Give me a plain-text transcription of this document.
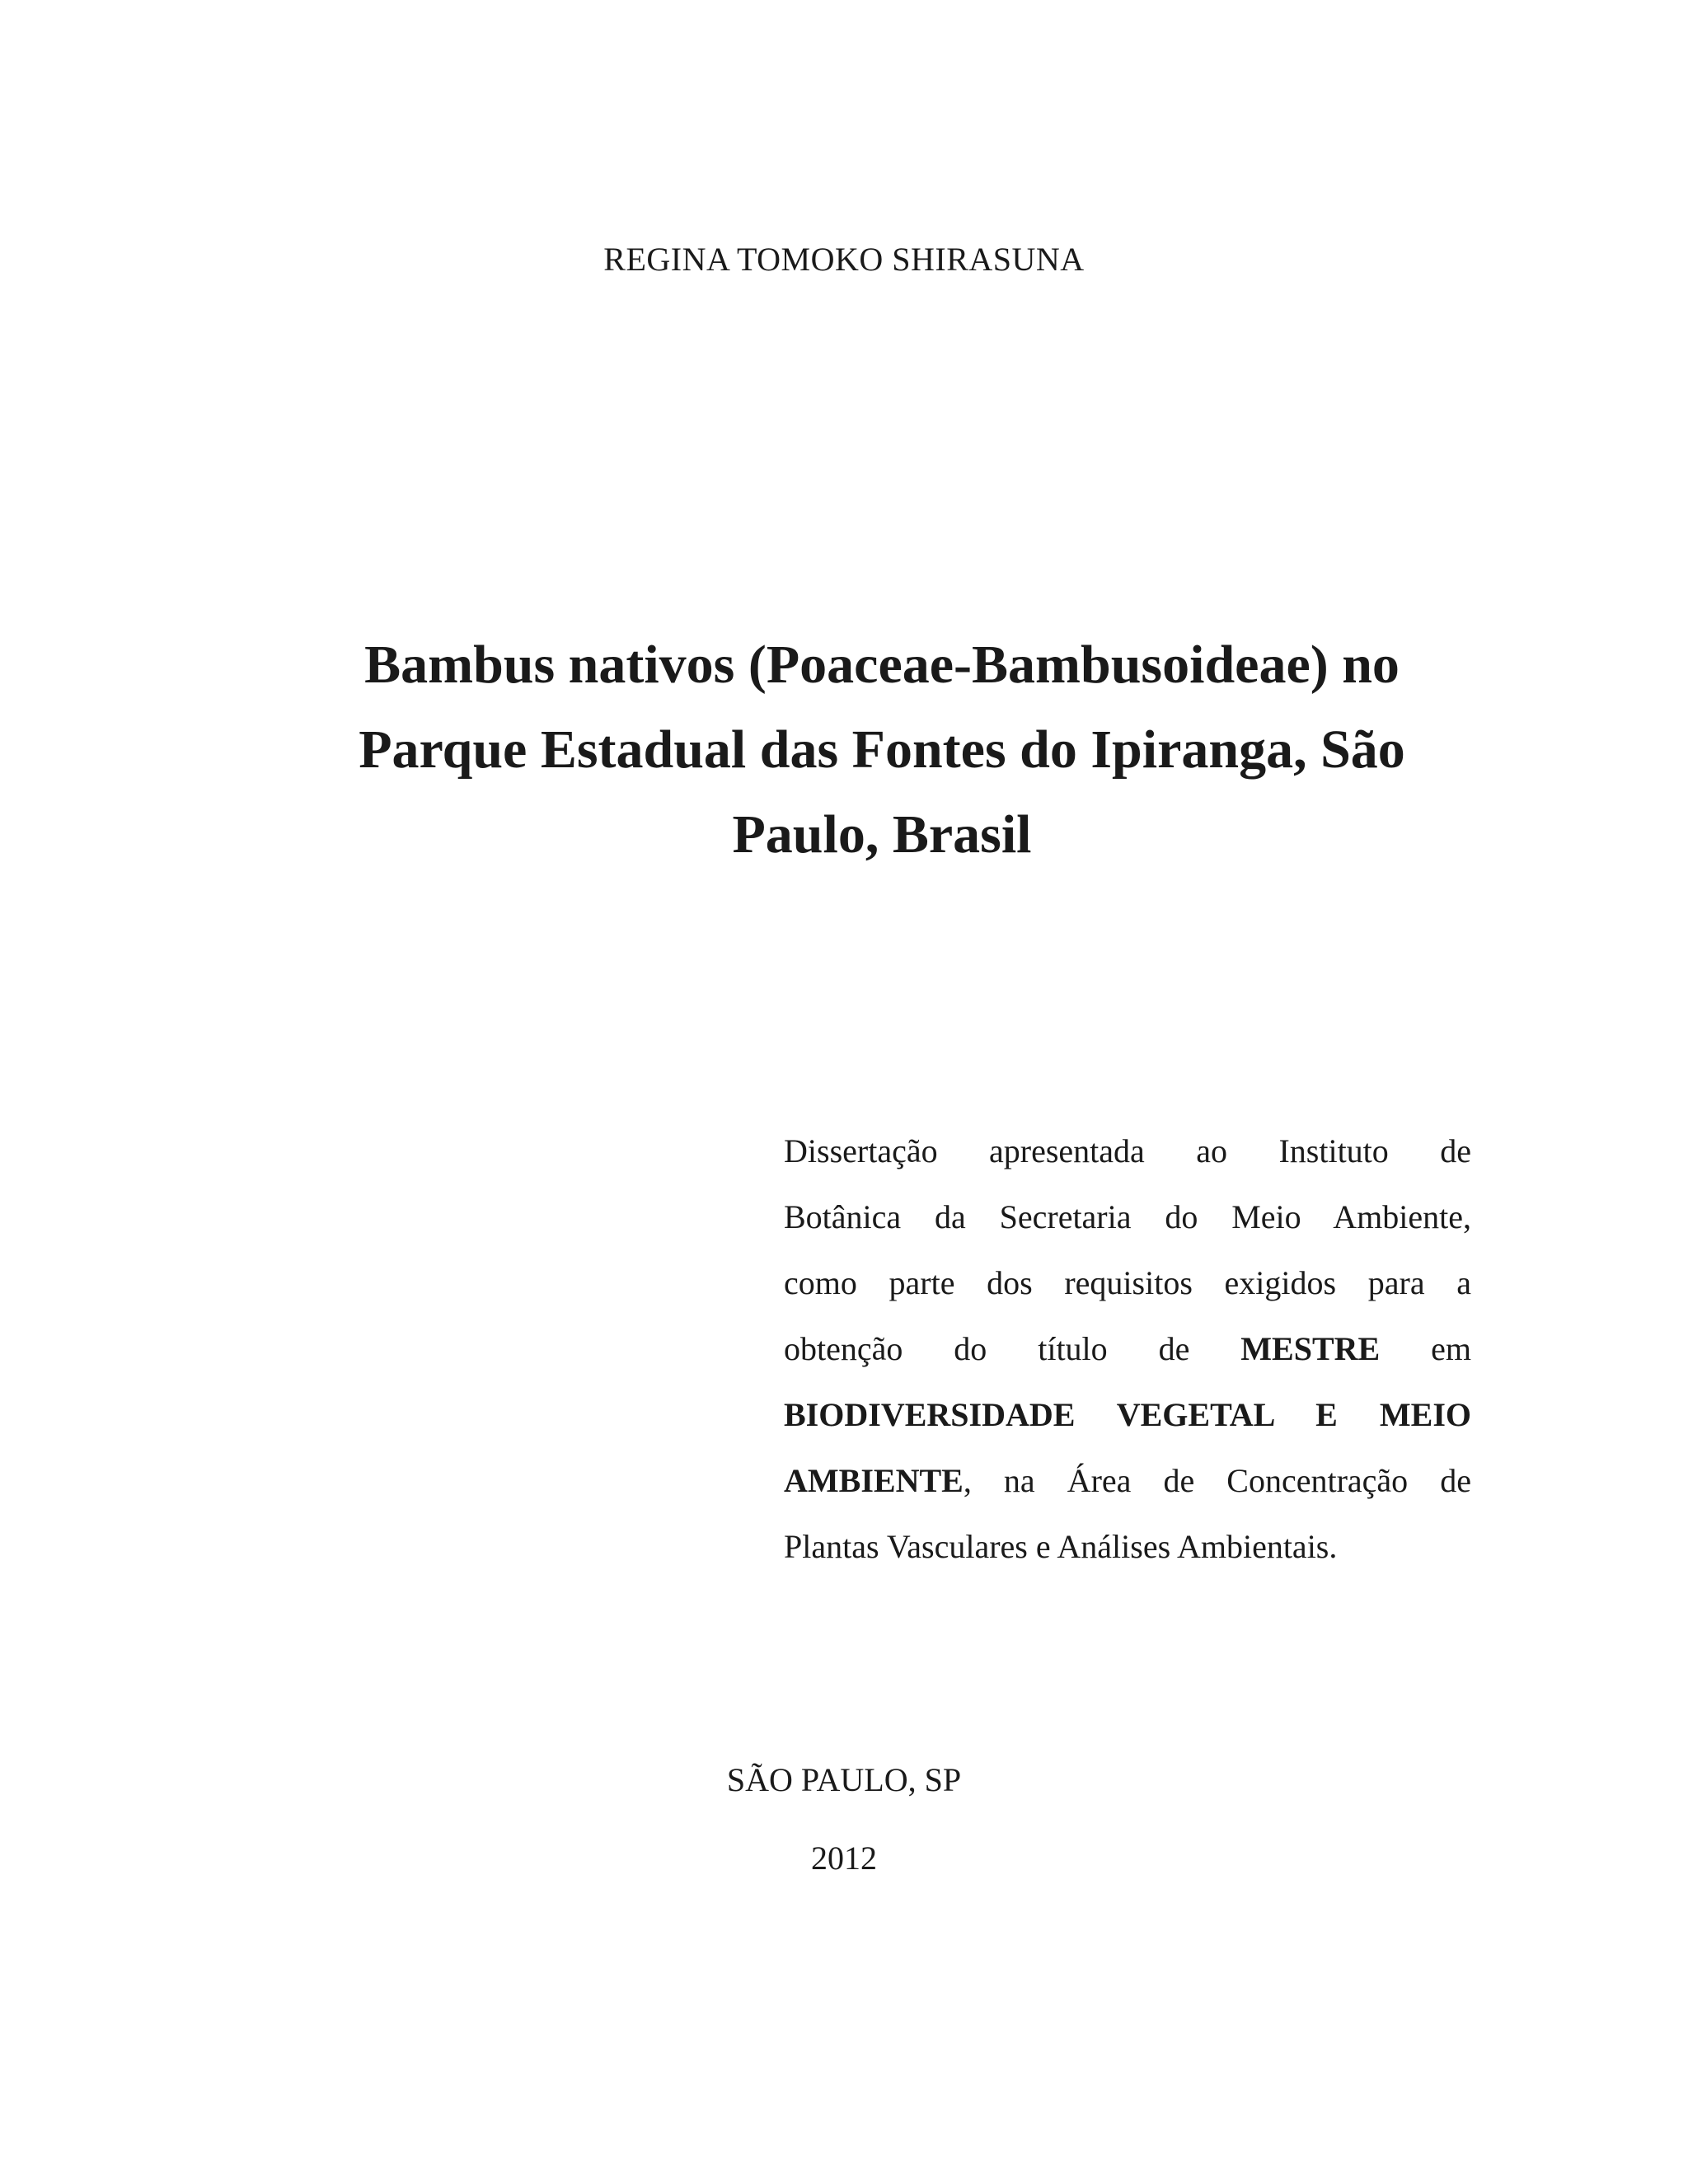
REGINA TOMOKO SHIRASUNA
Bambus nativos (Poaceae-Bambusoideae) no
Parque Estadual das Fontes do Ipiranga, São
Paulo, Brasil
Dissertação apresentada ao Instituto de
Botânica da Secretaria do Meio Ambiente,
como parte dos requisitos exigidos para a
obtenção do título de MESTRE em
BIODIVERSIDADE VEGETAL E MEIO
AMBIENTE, na Área de Concentração de
Plantas Vasculares e Análises Ambientais.
SÃO PAULO, SP
2012
